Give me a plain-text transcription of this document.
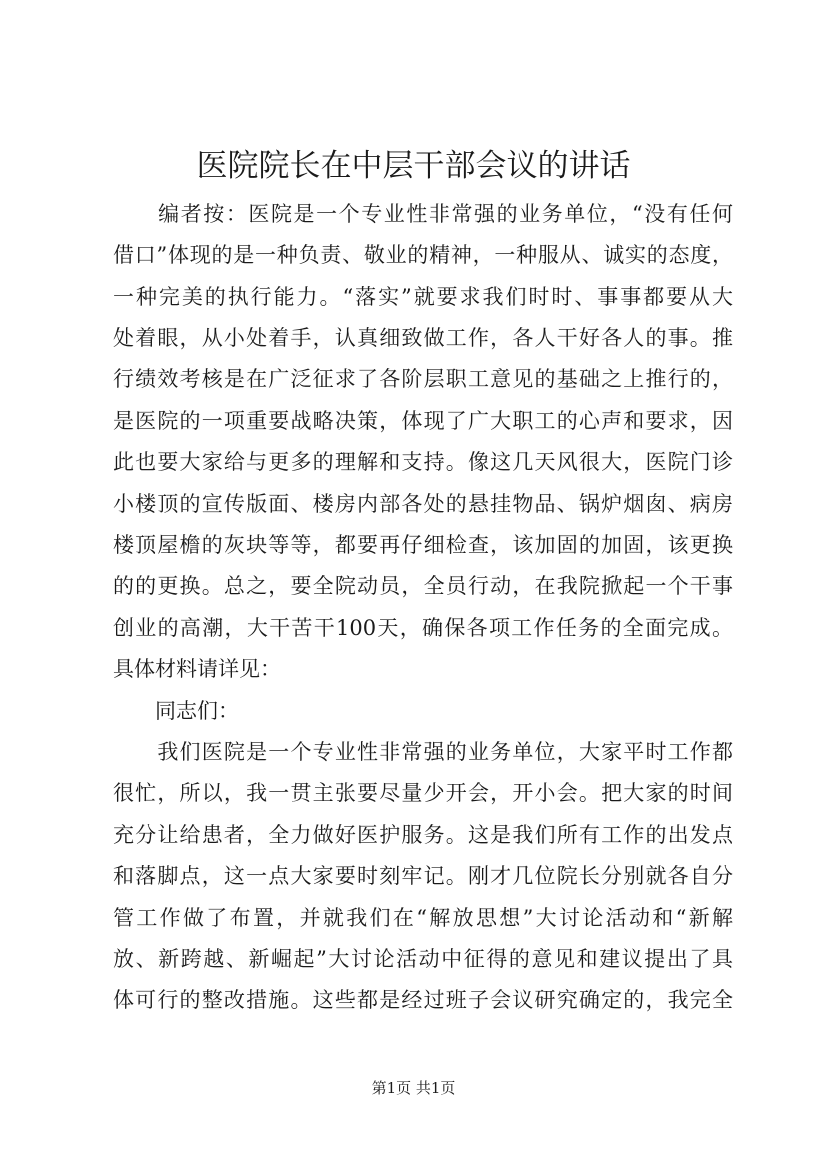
医院院长在中层干部会议的讲话
　　编者按：医院是一个专业性非常强的业务单位，“没有任何
借口”体现的是一种负责、敬业的精神，一种服从、诚实的态度，
一种完美的执行能力。“落实”就要求我们时时、事事都要从大
处着眼，从小处着手，认真细致做工作，各人干好各人的事。推
行绩效考核是在广泛征求了各阶层职工意见的基础之上推行的，
是医院的一项重要战略决策，体现了广大职工的心声和要求，因
此也要大家给与更多的理解和支持。像这几天风很大，医院门诊
小楼顶的宣传版面、楼房内部各处的悬挂物品、锅炉烟囱、病房
楼顶屋檐的灰块等等，都要再仔细检查，该加固的加固，该更换
的的更换。总之，要全院动员，全员行动，在我院掀起一个干事
创业的高潮，大干苦干100天，确保各项工作任务的全面完成。
具体材料请详见：
　　同志们：
　　我们医院是一个专业性非常强的业务单位，大家平时工作都
很忙，所以，我一贯主张要尽量少开会，开小会。把大家的时间
充分让给患者，全力做好医护服务。这是我们所有工作的出发点
和落脚点，这一点大家要时刻牢记。刚才几位院长分别就各自分
管工作做了布置，并就我们在“解放思想”大讨论活动和“新解
放、新跨越、新崛起”大讨论活动中征得的意见和建议提出了具
体可行的整改措施。这些都是经过班子会议研究确定的，我完全
第1页 共1页
